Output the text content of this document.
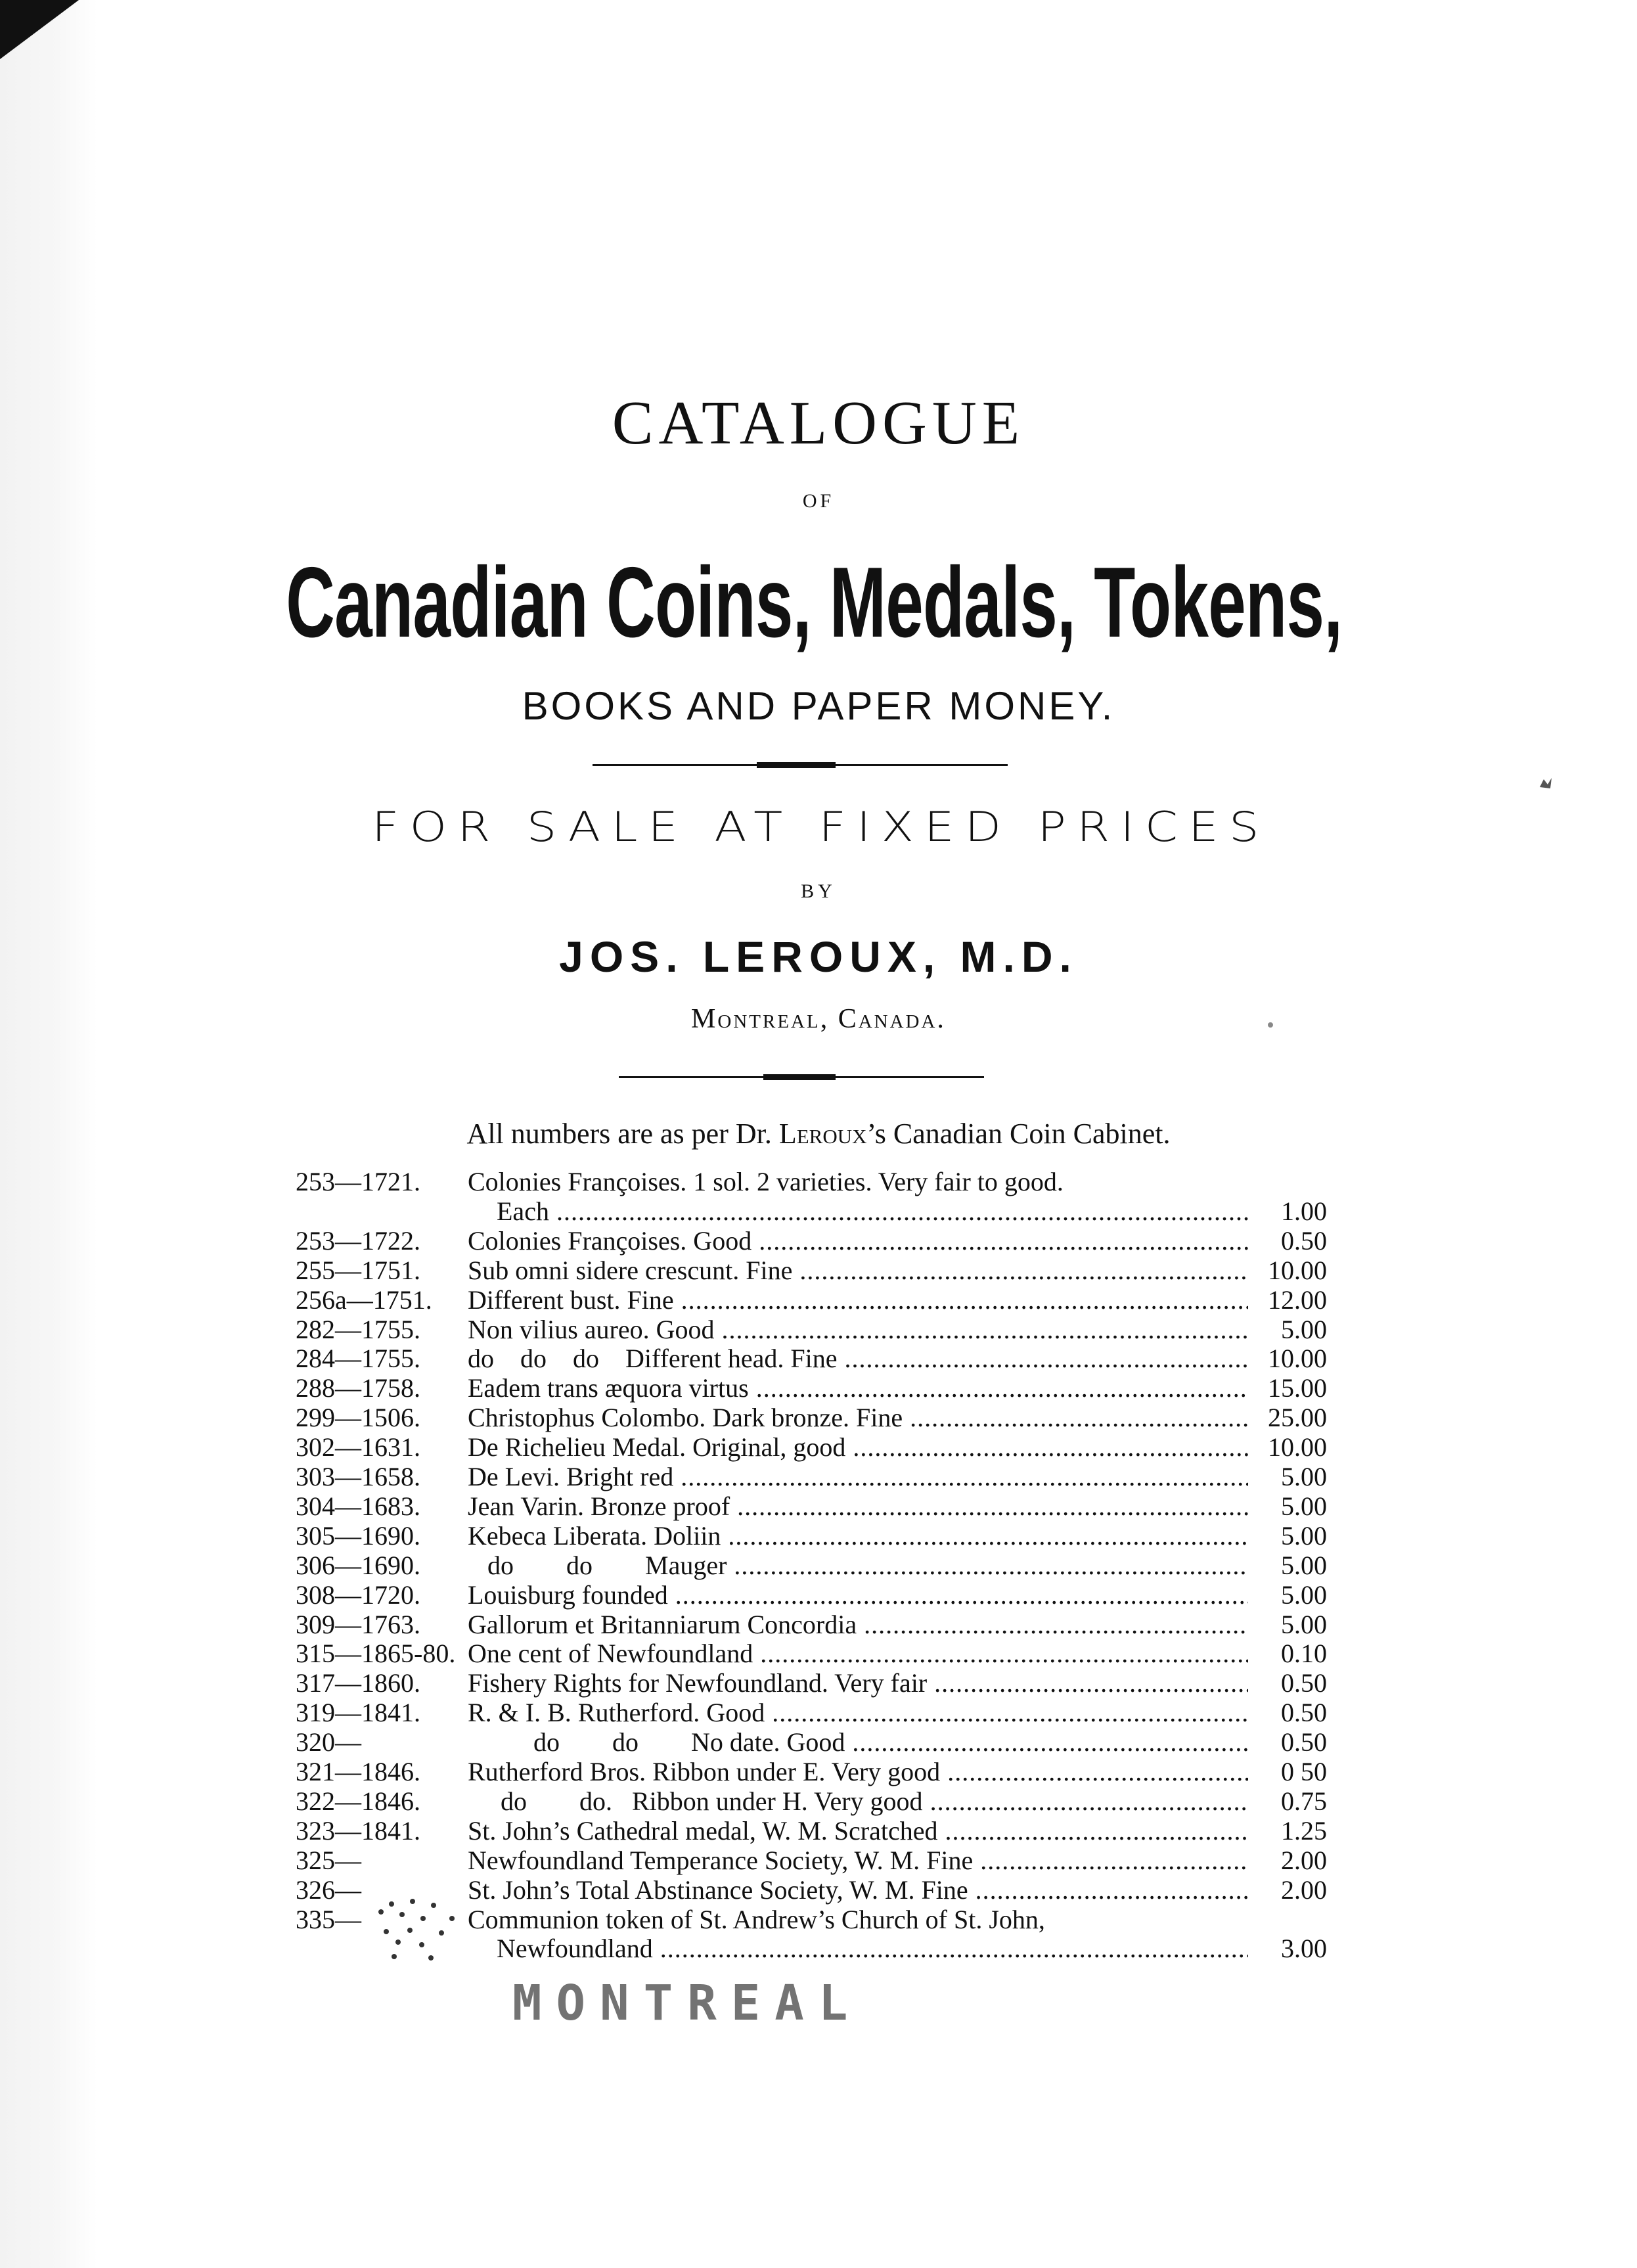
CATALOGUE
OF
Canadian Coins, Medals, Tokens,
BOOKS AND PAPER MONEY.
FOR SALE AT FIXED PRICES
BY
JOS. LEROUX, M.D.
Montreal, Canada.
All numbers are as per Dr. Leroux’s Canadian Coin Cabinet.
253—1721.	Colonies Françoises. 1 sol. 2 varieties. Very fair to good.
Each .....	1.00
253—1722.	Colonies Françoises. Good .....	0.50
255—1751.	Sub omni sidere crescunt. Fine .....	10.00
256a—1751.	Different bust. Fine .....	12.00
282—1755.	Non vilius aureo. Good .....	5.00
284—1755.	do    do    do    Different head. Fine .....	10.00
288—1758.	Eadem trans æquora virtus .....	15.00
299—1506.	Christophus Colombo. Dark bronze. Fine .....	25.00
302—1631.	De Richelieu Medal. Original, good .....	10.00
303—1658.	De Levi. Bright red .....	5.00
304—1683.	Jean Varin. Bronze proof .....	5.00
305—1690.	Kebeca Liberata. Doliin .....	5.00
306—1690.	do        do        Mauger .....	5.00
308—1720.	Louisburg founded .....	5.00
309—1763.	Gallorum et Britanniarum Concordia .....	5.00
315—1865-80. One cent of Newfoundland .....	0.10
317—1860.	Fishery Rights for Newfoundland. Very fair .....	0.50
319—1841.	R. & I. B. Rutherford. Good .....	0.50
320—	do        do        No date. Good .....	0.50
321—1846.	Rutherford Bros. Ribbon under E. Very good .....	0 50
322—1846.	do        do.   Ribbon under H. Very good .....	0.75
323—1841.	St. John’s Cathedral medal, W. M. Scratched .....	1.25
325—	Newfoundland Temperance Society, W. M. Fine .....	2.00
326—	St. John’s Total Abstinance Society, W. M. Fine .....	2.00
335—	Communion token of St. Andrew’s Church of St. John,
Newfoundland .....	3.00
MONTREAL
